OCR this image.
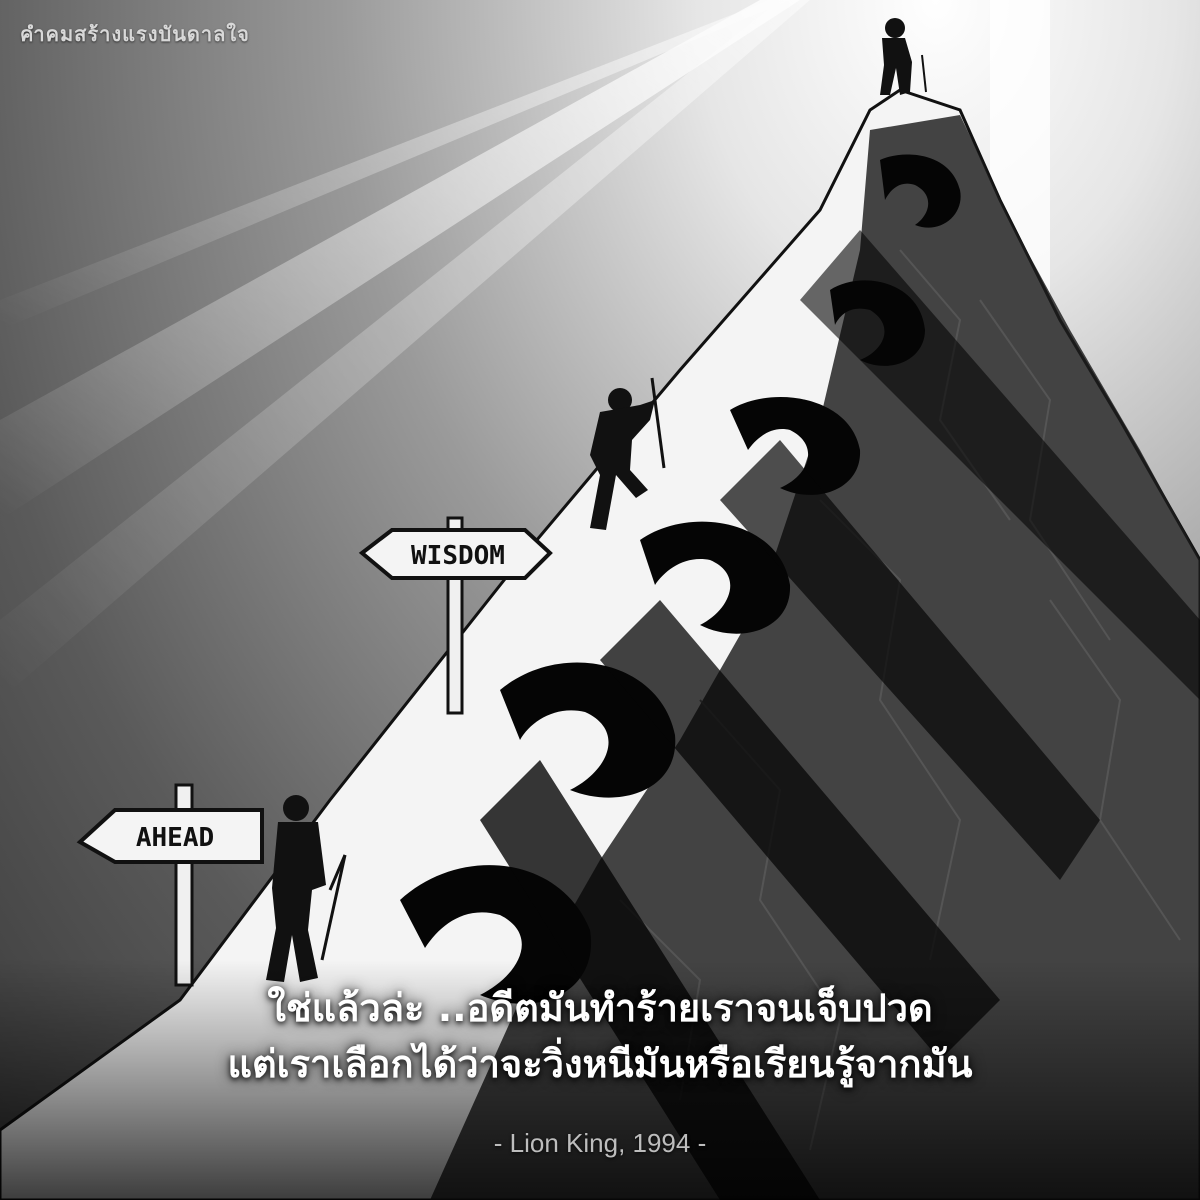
AHEAD
WISDOM
คำคมสร้างแรงบันดาลใจ
ใช่แล้วล่ะ ..อดีตมันทำร้ายเราจนเจ็บปวด
แต่เราเลือกได้ว่าจะวิ่งหนีมันหรือเรียนรู้จากมัน
- Lion King, 1994 -
